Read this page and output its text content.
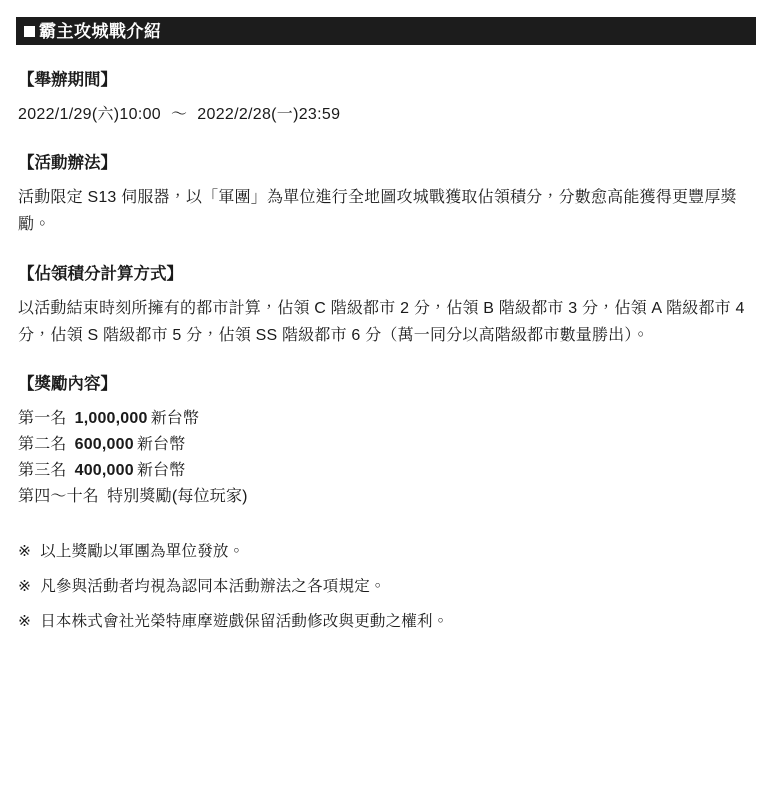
霸主攻城戰介紹
【舉辦期間】
2022/1/29(六)10:00 ～ 2022/2/28(一)23:59
【活動辦法】

活動限定 S13 伺服器，以「軍團」為單位進行全地圖攻城戰獲取佔領積分，分數愈高能獲得更豐厚獎勵。

【佔領積分計算方式】

以活動結束時刻所擁有的都市計算，佔領 C 階級都市 2 分，佔領 B 階級都市 3 分，佔領 A 階級都市 4 分，佔領 S 階級都市 5 分，佔領 SS 階級都市 6 分（萬一同分以高階級都市數量勝出）。

【獎勵內容】

第一名 1,000,000 新台幣

第二名 600,000 新台幣

第三名 400,000 新台幣

第四～十名 特別獎勵(每位玩家)

※ 以上獎勵以軍團為單位發放。

※ 凡參與活動者均視為認同本活動辦法之各項規定。

※ 日本株式會社光榮特庫摩遊戲保留活動修改與更動之權利。
